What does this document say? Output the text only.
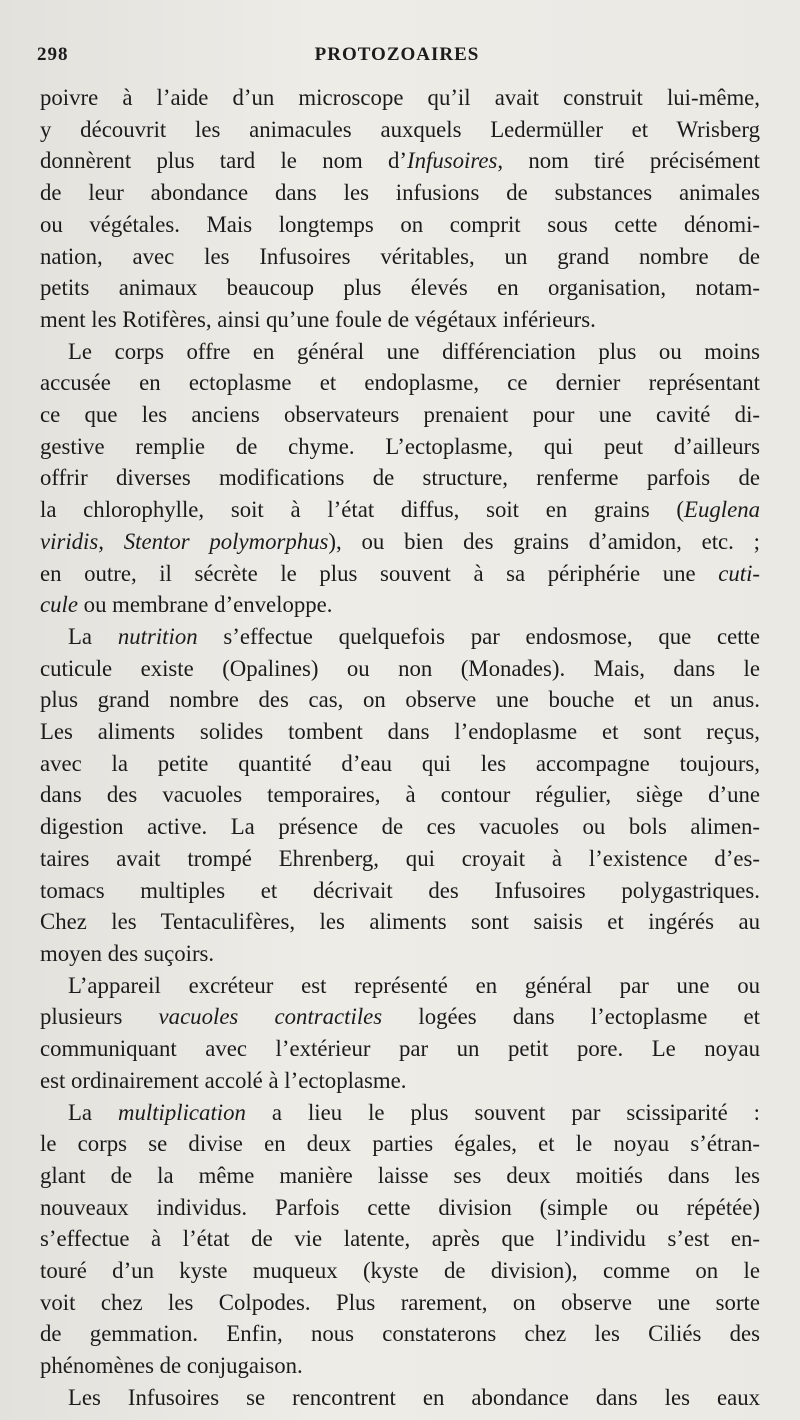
298	PROTOZOAIRES

poivre à l’aide d’un microscope qu’il avait construit lui-même,
y découvrit les animacules auxquels Ledermüller et Wrisberg
donnèrent plus tard le nom d’Infusoires, nom tiré précisément
de leur abondance dans les infusions de substances animales
ou végétales. Mais longtemps on comprit sous cette dénomi-
nation, avec les Infusoires véritables, un grand nombre de
petits animaux beaucoup plus élevés en organisation, notam-
ment les Rotifères, ainsi qu’une foule de végétaux inférieurs.

Le corps offre en général une différenciation plus ou moins
accusée en ectoplasme et endoplasme, ce dernier représentant
ce que les anciens observateurs prenaient pour une cavité di-
gestive remplie de chyme. L’ectoplasme, qui peut d’ailleurs
offrir diverses modifications de structure, renferme parfois de
la chlorophylle, soit à l’état diffus, soit en grains (Euglena
viridis, Stentor polymorphus), ou bien des grains d’amidon, etc. ;
en outre, il sécrète le plus souvent à sa périphérie une cuti-
cule ou membrane d’enveloppe.

La nutrition s’effectue quelquefois par endosmose, que cette
cuticule existe (Opalines) ou non (Monades). Mais, dans le
plus grand nombre des cas, on observe une bouche et un anus.
Les aliments solides tombent dans l’endoplasme et sont reçus,
avec la petite quantité d’eau qui les accompagne toujours,
dans des vacuoles temporaires, à contour régulier, siège d’une
digestion active. La présence de ces vacuoles ou bols alimen-
taires avait trompé Ehrenberg, qui croyait à l’existence d’es-
tomacs multiples et décrivait des Infusoires polygastriques.
Chez les Tentaculifères, les aliments sont saisis et ingérés au
moyen des suçoirs.

L’appareil excréteur est représenté en général par une ou
plusieurs vacuoles contractiles logées dans l’ectoplasme et
communiquant avec l’extérieur par un petit pore. Le noyau
est ordinairement accolé à l’ectoplasme.

La multiplication a lieu le plus souvent par scissiparité :
le corps se divise en deux parties égales, et le noyau s’étran-
glant de la même manière laisse ses deux moitiés dans les
nouveaux individus. Parfois cette division (simple ou répétée)
s’effectue à l’état de vie latente, après que l’individu s’est en-
touré d’un kyste muqueux (kyste de division), comme on le
voit chez les Colpodes. Plus rarement, on observe une sorte
de gemmation. Enfin, nous constaterons chez les Ciliés des
phénomènes de conjugaison.

Les Infusoires se rencontrent en abondance dans les eaux
